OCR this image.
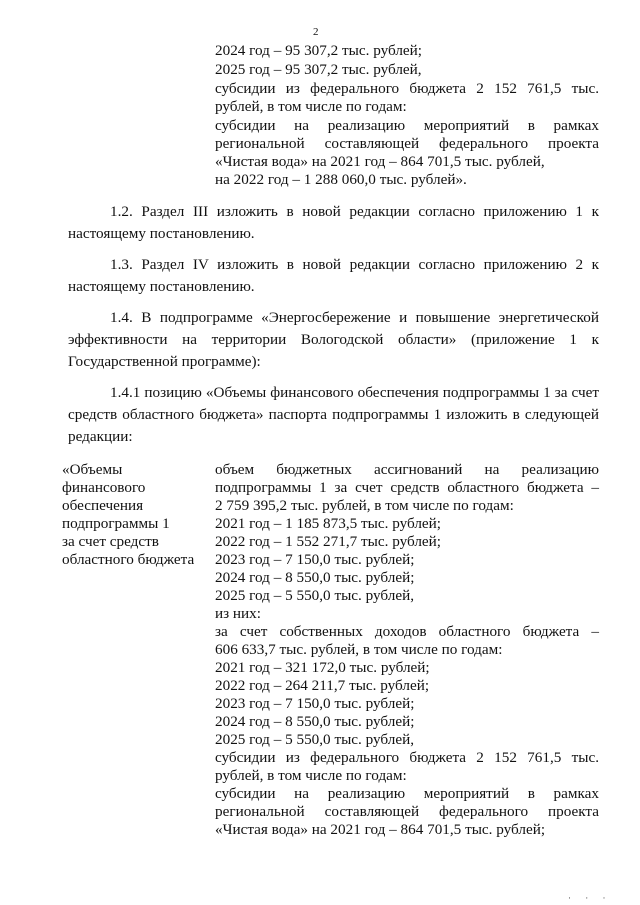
2
2024 год – 95 307,2 тыс. рублей;
2025 год – 95 307,2 тыс. рублей,
субсидии из федерального бюджета 2 152 761,5 тыс.
рублей, в том числе по годам:
субсидии на реализацию мероприятий в рамках
региональной составляющей федерального проекта
«Чистая вода» на 2021 год – 864 701,5 тыс. рублей,
на 2022 год – 1 288 060,0 тыс. рублей».
1.2. Раздел III изложить в новой редакции согласно приложению 1 к
настоящему постановлению.
1.3. Раздел IV изложить в новой редакции согласно приложению 2 к
настоящему постановлению.
1.4. В подпрограмме «Энергосбережение и повышение энергетической
эффективности на территории Вологодской области» (приложение 1 к
Государственной программе):
1.4.1 позицию «Объемы финансового обеспечения подпрограммы 1 за счет
средств областного бюджета» паспорта подпрограммы 1 изложить в следующей
редакции:
«Объемы
финансового
обеспечения
подпрограммы 1
за счет средств
областного бюджета
объем бюджетных ассигнований на реализацию
подпрограммы 1 за счет средств областного бюджета –
2 759 395,2 тыс. рублей, в том числе по годам:
2021 год – 1 185 873,5 тыс. рублей;
2022 год – 1 552 271,7 тыс. рублей;
2023 год – 7 150,0 тыс. рублей;
2024 год – 8 550,0 тыс. рублей;
2025 год – 5 550,0 тыс. рублей,
из них:
за счет собственных доходов областного бюджета –
606 633,7 тыс. рублей, в том числе по годам:
2021 год – 321 172,0 тыс. рублей;
2022 год – 264 211,7 тыс. рублей;
2023 год – 7 150,0 тыс. рублей;
2024 год – 8 550,0 тыс. рублей;
2025 год – 5 550,0 тыс. рублей,
субсидии из федерального бюджета 2 152 761,5 тыс.
рублей, в том числе по годам:
субсидии на реализацию мероприятий в рамках
региональной составляющей федерального проекта
«Чистая вода» на 2021 год – 864 701,5 тыс. рублей;
· · ·
